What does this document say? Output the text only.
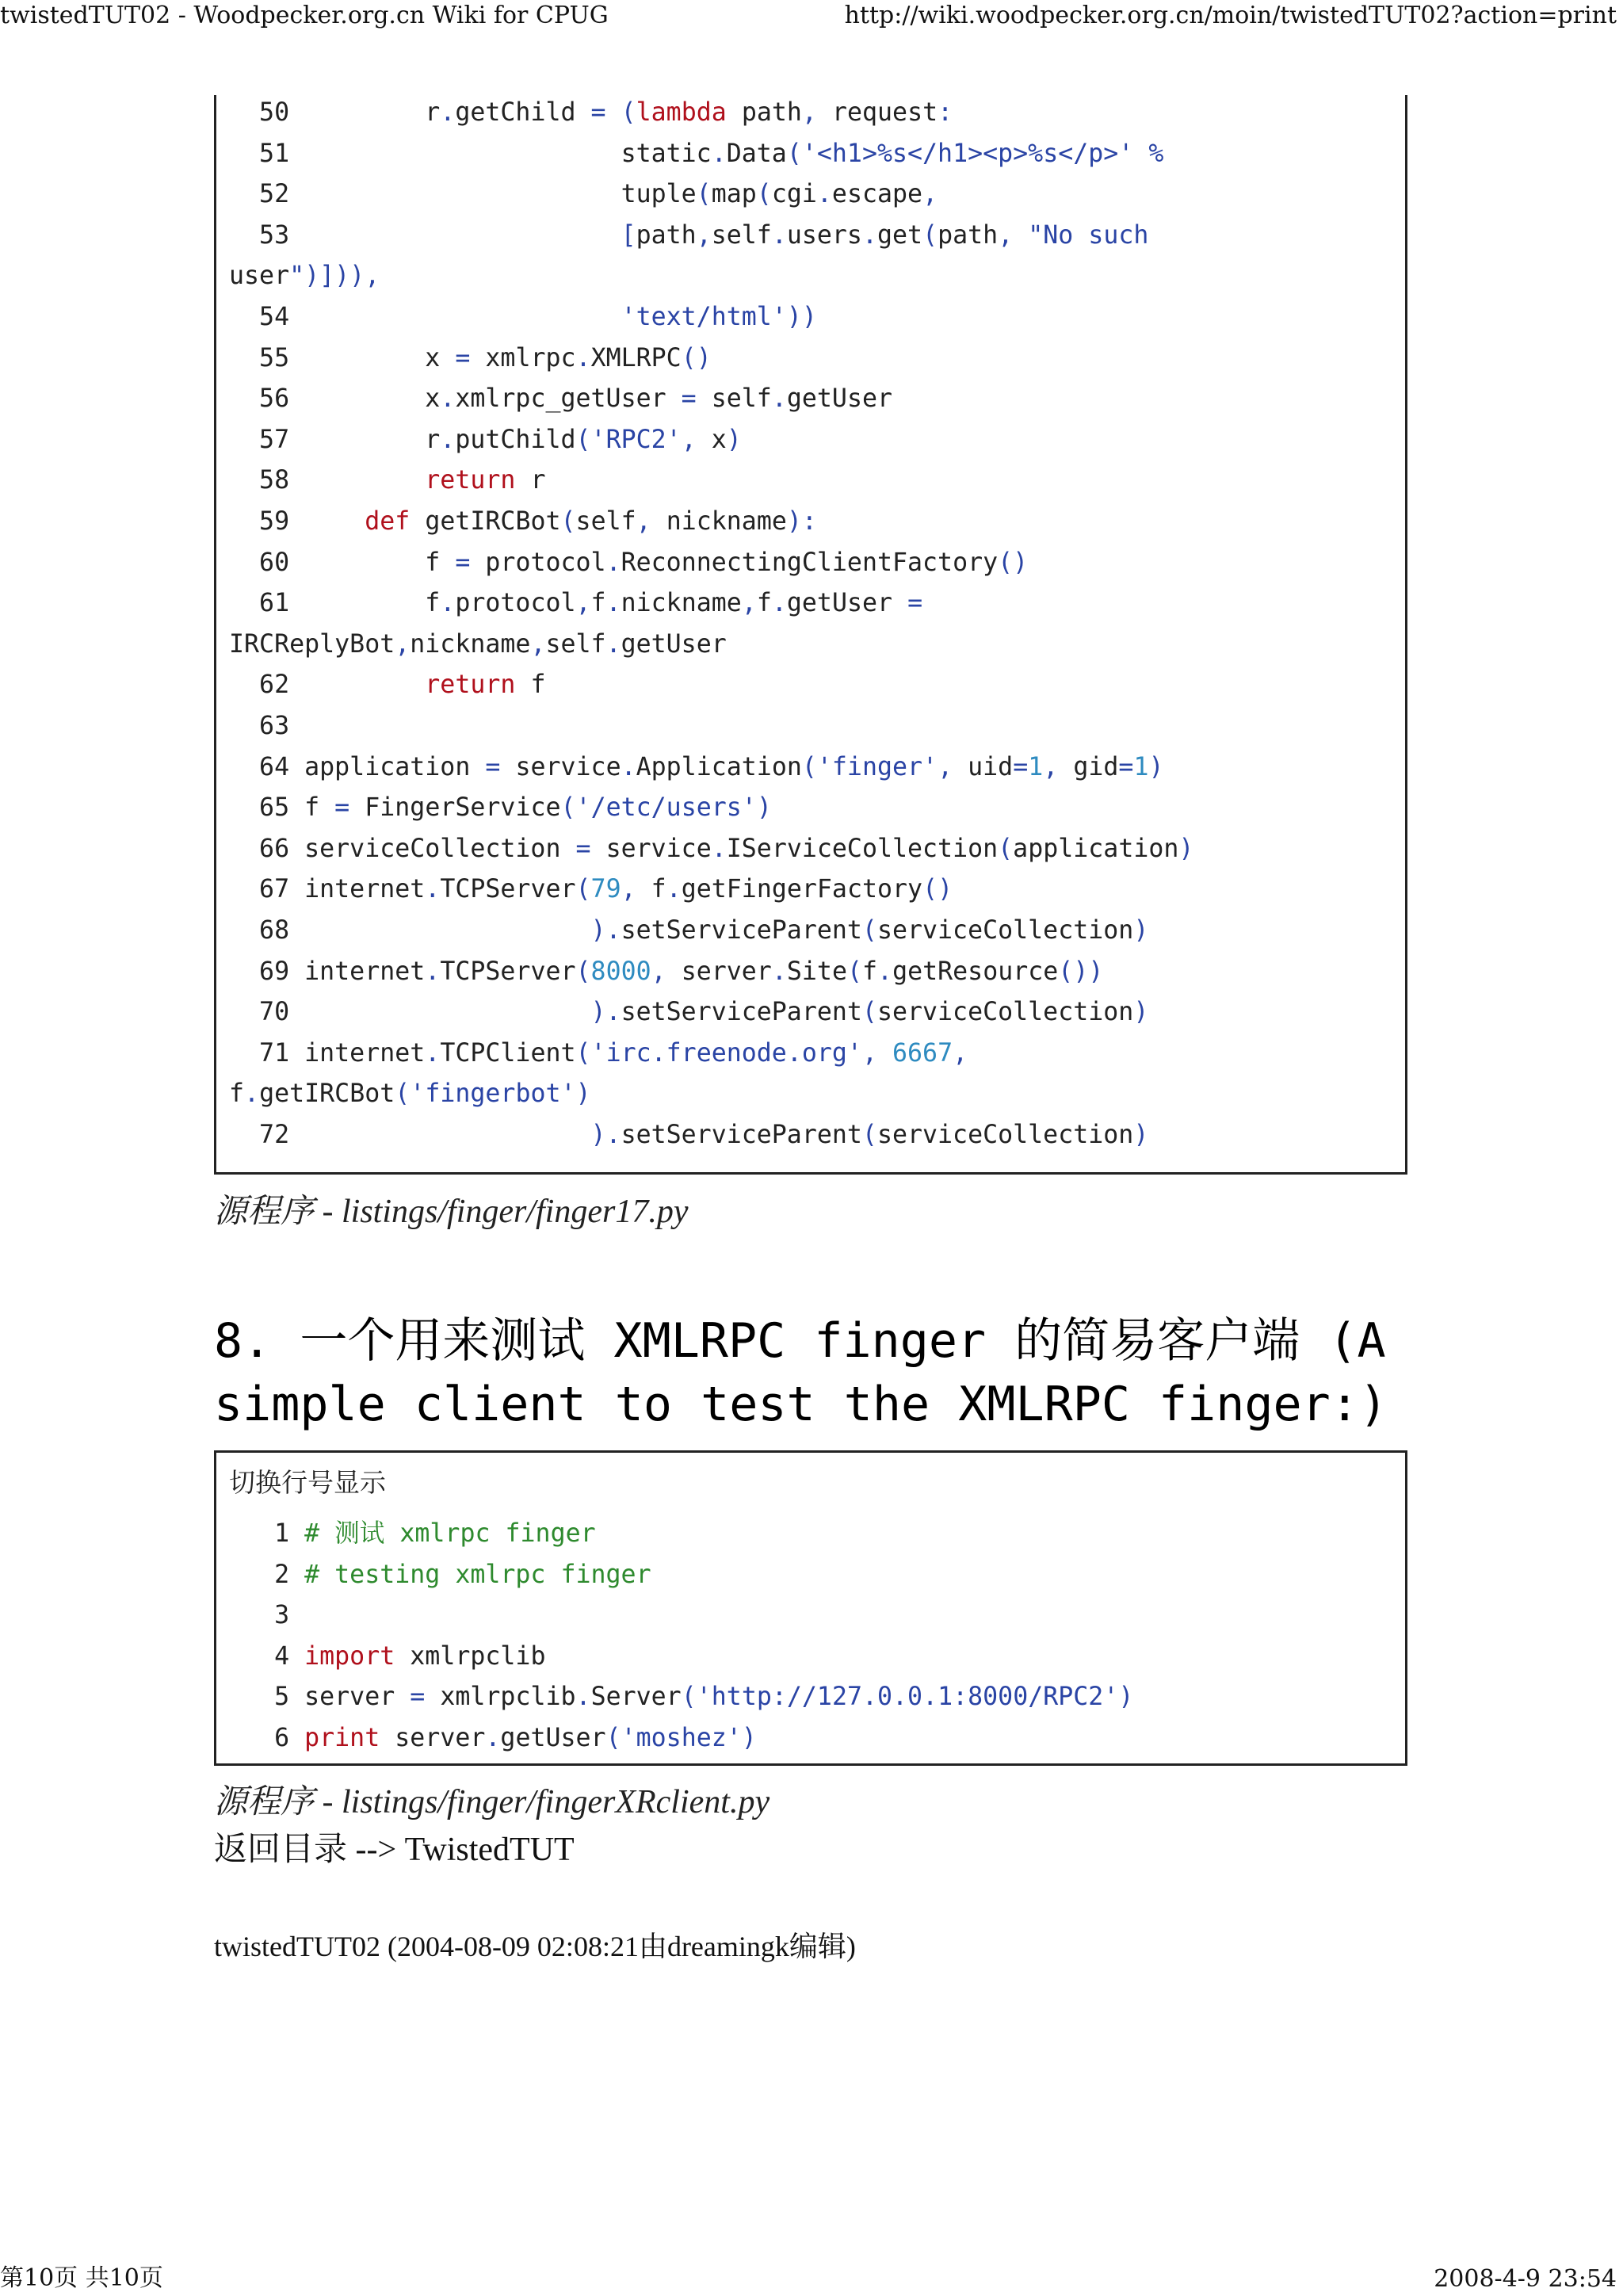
twistedTUT02 - Woodpecker.org.cn Wiki for CPUG	http://wiki.woodpecker.org.cn/moin/twistedTUT02?action=print
50	r.getChild = (lambda path, request:
51	static.Data('<h1>%s</h1><p>%s</p>' %
52	tuple(map(cgi.escape,
53	[path,self.users.get(path, "No such
user")])),
54	'text/html'))
55	x = xmlrpc.XMLRPC()
56	x.xmlrpc_getUser = self.getUser
57	r.putChild('RPC2', x)
58	return r
59     def getIRCBot(self, nickname):
60	f = protocol.ReconnectingClientFactory()
61	f.protocol,f.nickname,f.getUser =
IRCReplyBot,nickname,self.getUser
62	return f
63
64 application = service.Application('finger', uid=1, gid=1)
65 f = FingerService('/etc/users')
66 serviceCollection = service.IServiceCollection(application)
67 internet.TCPServer(79, f.getFingerFactory()
68	).setServiceParent(serviceCollection)
69 internet.TCPServer(8000, server.Site(f.getResource())
70	).setServiceParent(serviceCollection)
71 internet.TCPClient('irc.freenode.org', 6667,
f.getIRCBot('fingerbot')
72	).setServiceParent(serviceCollection)
源程序 - listings/finger/finger17.py
8. 一个用来测试 XMLRPC finger 的简易客户端 (A
simple client to test the XMLRPC finger:)
切换行号显示
1 # 测试 xmlrpc finger
2 # testing xmlrpc finger
3
4 import xmlrpclib
5 server = xmlrpclib.Server('http://127.0.0.1:8000/RPC2')
6 print server.getUser('moshez')
源程序 - listings/finger/fingerXRclient.py
返回目录 --> TwistedTUT
twistedTUT02 (2004-08-09 02:08:21由dreamingk编辑)
第10页 共10页	2008-4-9 23:54
